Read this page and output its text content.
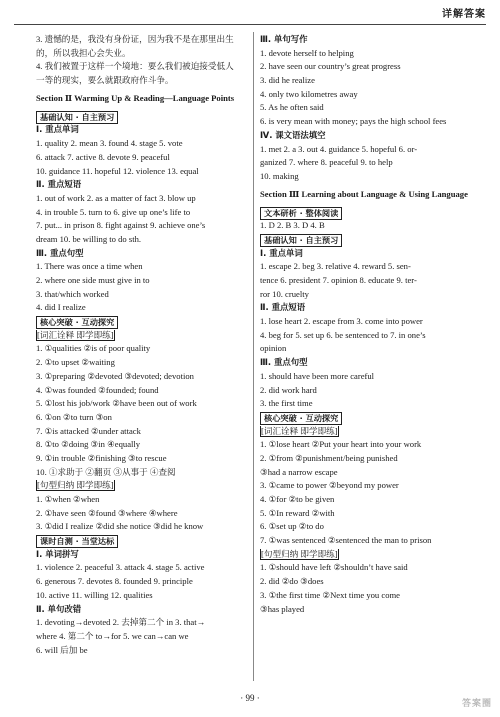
详解答案
3. 遗憾的是，我没有身份证，因为我不是在那里出生
的，所以我担心会失业。
4. 我们被置于这样一个境地：要么我们被迫接受低人
一等的现实，要么就跟政府作斗争。
Section Ⅱ Warming Up & Reading—Language Points
基础认知 · 自主预习
Ⅰ. 重点单词
1. quality 2. mean 3. found 4. stage 5. vote
6. attack 7. active 8. devote 9. peaceful
10. guidance 11. hopeful 12. violence 13. equal
Ⅱ. 重点短语
1. out of work 2. as a matter of fact 3. blow up
4. in trouble 5. turn to 6. give up one’s life to
7. put... in prison 8. fight against 9. achieve one’s
dream 10. be willing to do sth.
Ⅲ. 重点句型
1. There was once a time when
2. where one side must give in to
3. that/which worked
4. did I realize
核心突破 · 互动探究
[词汇诠释 即学即练]
1. ①qualities ②is of poor quality
2. ①to upset ②waiting
3. ①preparing ②devoted ③devoted; devotion
4. ①was founded ②founded; found
5. ①lost his job/work ②have been out of work
6. ①on ②to turn ③on
7. ①is attacked ②under attack
8. ①to ②doing ③in ④equally
9. ①in trouble ②finishing ③to rescue
10. ①求助于 ②翻页 ③从事于 ④查阅
[句型归纳 即学即练]
1. ①when ②when
2. ①have seen ②found ③where ④where
3. ①did I realize ②did she notice ③did he know
课时自测 · 当堂达标
Ⅰ. 单词拼写
1. violence 2. peaceful 3. attack 4. stage 5. active
6. generous 7. devotes 8. founded 9. principle
10. active 11. willing 12. qualities
Ⅱ. 单句改错
1. devoting→devoted 2. 去掉第二个 in 3. that→
where 4. 第二个 to→for 5. we can→can we
6. will 后加 be
Ⅲ. 单句写作
1. devote herself to helping
2. have seen our country’s great progress
3. did he realize
4. only two kilometres away
5. As he often said
6. is very mean with money; pays the high school fees
Ⅳ. 课文语法填空
1. met 2. a 3. out 4. guidance 5. hopeful 6. or-
ganized 7. where 8. peaceful 9. to help
10. making
Section Ⅲ Learning about Language & Using Language
文本研析 · 整体阅读
1. D 2. B 3. D 4. B
基础认知 · 自主预习
Ⅰ. 重点单词
1. escape 2. beg 3. relative 4. reward 5. sen-
tence 6. president 7. opinion 8. educate 9. ter-
ror 10. cruelty
Ⅱ. 重点短语
1. lose heart 2. escape from 3. come into power
4. beg for 5. set up 6. be sentenced to 7. in one’s
opinion
Ⅲ. 重点句型
1. should have been more careful
2. did work hard
3. the first time
核心突破 · 互动探究
[词汇诠释 即学即练]
1. ①lose heart ②Put your heart into your work
2. ①from ②punishment/being punished
③had a narrow escape
3. ①came to power ②beyond my power
4. ①for ②to be given
5. ①In reward ②with
6. ①set up ②to do
7. ①was sentenced ②sentenced the man to prison
[句型归纳 即学即练]
1. ①should have left ②shouldn’t have said
2. did ②do ③does
3. ①the first time ②Next time you come
③has played
· 99 ·
答案圈
